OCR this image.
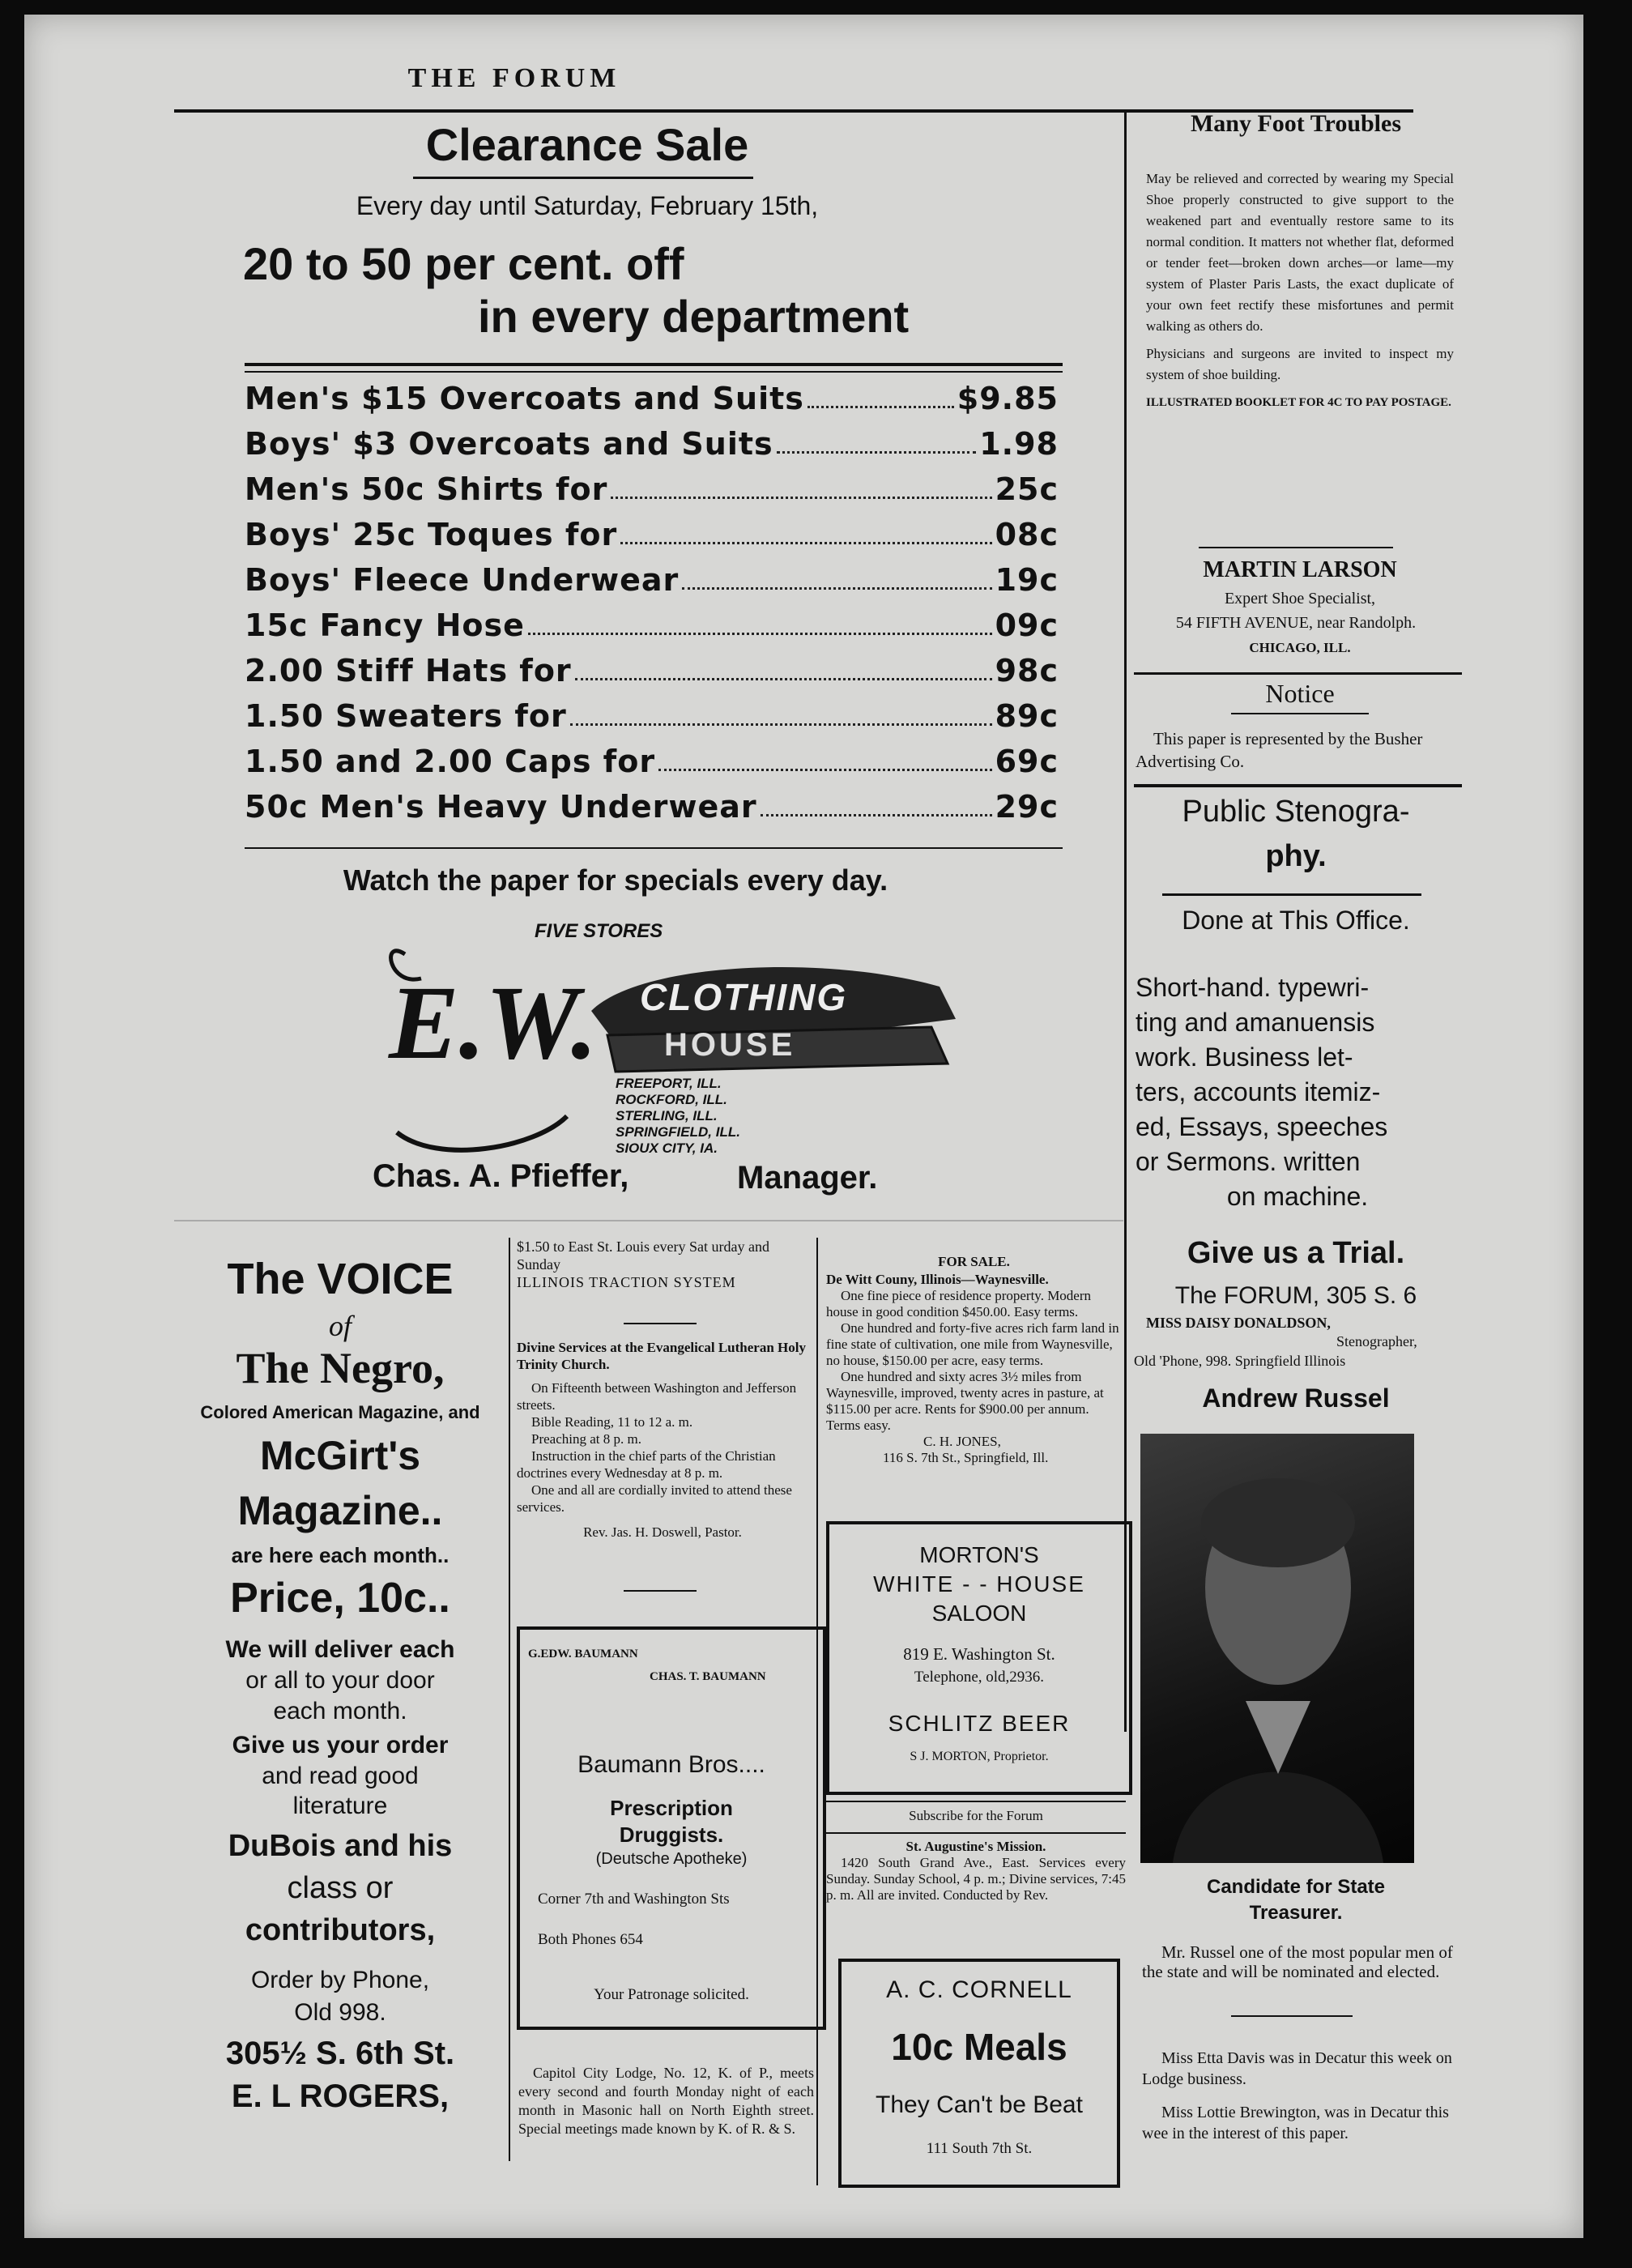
THE FORUM
Clearance Sale
Every day until Saturday, February 15th,
20 to 50 per cent. off
in every department
Men's $15 Overcoats and Suits	$9.85
Boys' $3 Overcoats and Suits	1.98
Men's 50c Shirts for	25c
Boys' 25c Toques for	08c
Boys' Fleece Underwear	19c
15c Fancy Hose	09c
2.00 Stiff Hats for	98c
1.50 Sweaters for	89c
1.50 and 2.00 Caps for	69c
50c Men's Heavy Underwear	29c
Watch the paper for specials every day.
FIVE STORES
E.W. CLOTHING
HOUSE
FREEPORT, ILL.
ROCKFORD, ILL.
STERLING, ILL.
SPRINGFIELD, ILL.
SIOUX CITY, IA.
Chas. A. Pfieffer,	Manager.
Many Foot Troubles

May be relieved and corrected by wearing my Special Shoe properly constructed to give support to the weakened part and eventually restore same to its normal condition. It matters not whether flat, deformed or tender feet—broken down arches—or lame—my system of Plaster Paris Lasts, the exact duplicate of your own feet rectify these misfortunes and permit walking as others do.

Physicians and surgeons are invited to inspect my system of shoe building.

ILLUSTRATED BOOKLET FOR 4C TO PAY POSTAGE.

MARTIN LARSON
Expert Shoe Specialist,
54 FIFTH AVENUE, near Randolph.
CHICAGO, ILL.
Notice
This paper is represented by the Busher Advertising Co.
Public Stenogra-
phy.
Done at This Office.
Short-hand. typewri-
ting and amanuensis
work. Business let-
ters, accounts itemiz-
ed, Essays, speeches
or Sermons. written
on machine.
Give us a Trial.
The FORUM, 305 S. 6
MISS DAISY DONALDSON,
Stenographer,
Old 'Phone, 998. Springfield Illinois
Andrew Russel
Candidate for State
Treasurer.
Mr. Russel one of the most popular men of the state and will be nominated and elected.
Miss Etta Davis was in Decatur this week on Lodge business.
Miss Lottie Brewington, was in Decatur this wee in the interest of this paper.
The VOICE
of
The Negro,
Colored American Magazine, and
McGirt's
Magazine..
are here each month..
Price, 10c..
We will deliver each
or all to your door
each month.
Give us your order
and read good
literature
DuBois and his
class or
contributors,
Order by Phone,
Old 998.
305½ S. 6th St.
E. L ROGERS,
$1.50 to East St. Louis every Sat urday and Sunday
ILLINOIS TRACTION SYSTEM
Divine Services at the Evangelical Lutheran Holy Trinity Church.
On Fifteenth between Washington and Jefferson streets.
Bible Reading, 11 to 12 a. m.
Preaching at 8 p. m.
Instruction in the chief parts of the Christian doctrines every Wednesday at 8 p. m.
One and all are cordially invited to attend these services.
Rev. Jas. H. Doswell, Pastor.
G.EDW. BAUMANN
CHAS. T. BAUMANN
Baumann Bros....
Prescription
Druggists.
(Deutsche Apotheke)
Corner 7th and Washington Sts
Both Phones 654
Your Patronage solicited.
Capitol City Lodge, No. 12, K. of P., meets every second and fourth Monday night of each month in Masonic hall on North Eighth street. Special meetings made known by K. of R. & S.
FOR SALE.
De Witt Couny, Illinois—Waynesville.
One fine piece of residence property. Modern house in good condition $450.00. Easy terms.
One hundred and forty-five acres rich farm land in fine state of cultivation, one mile from Waynesville, no house, $150.00 per acre, easy terms.
One hundred and sixty acres 3½ miles from Waynesville, improved, twenty acres in pasture, at $115.00 per acre. Rents for $900.00 per annum. Terms easy.
C. H. JONES,
116 S. 7th St., Springfield, Ill.
MORTON'S
WHITE - - HOUSE
SALOON
819 E. Washington St.
Telephone, old,2936.
SCHLITZ BEER
S J. MORTON, Proprietor.
Subscribe for the Forum
St. Augustine's Mission.
1420 South Grand Ave., East. Services every Sunday. Sunday School, 4 p. m.; Divine services, 7:45 p. m. All are invited. Conducted by Rev.
A. C. CORNELL
10c Meals
They Can't be Beat
111 South 7th St.
